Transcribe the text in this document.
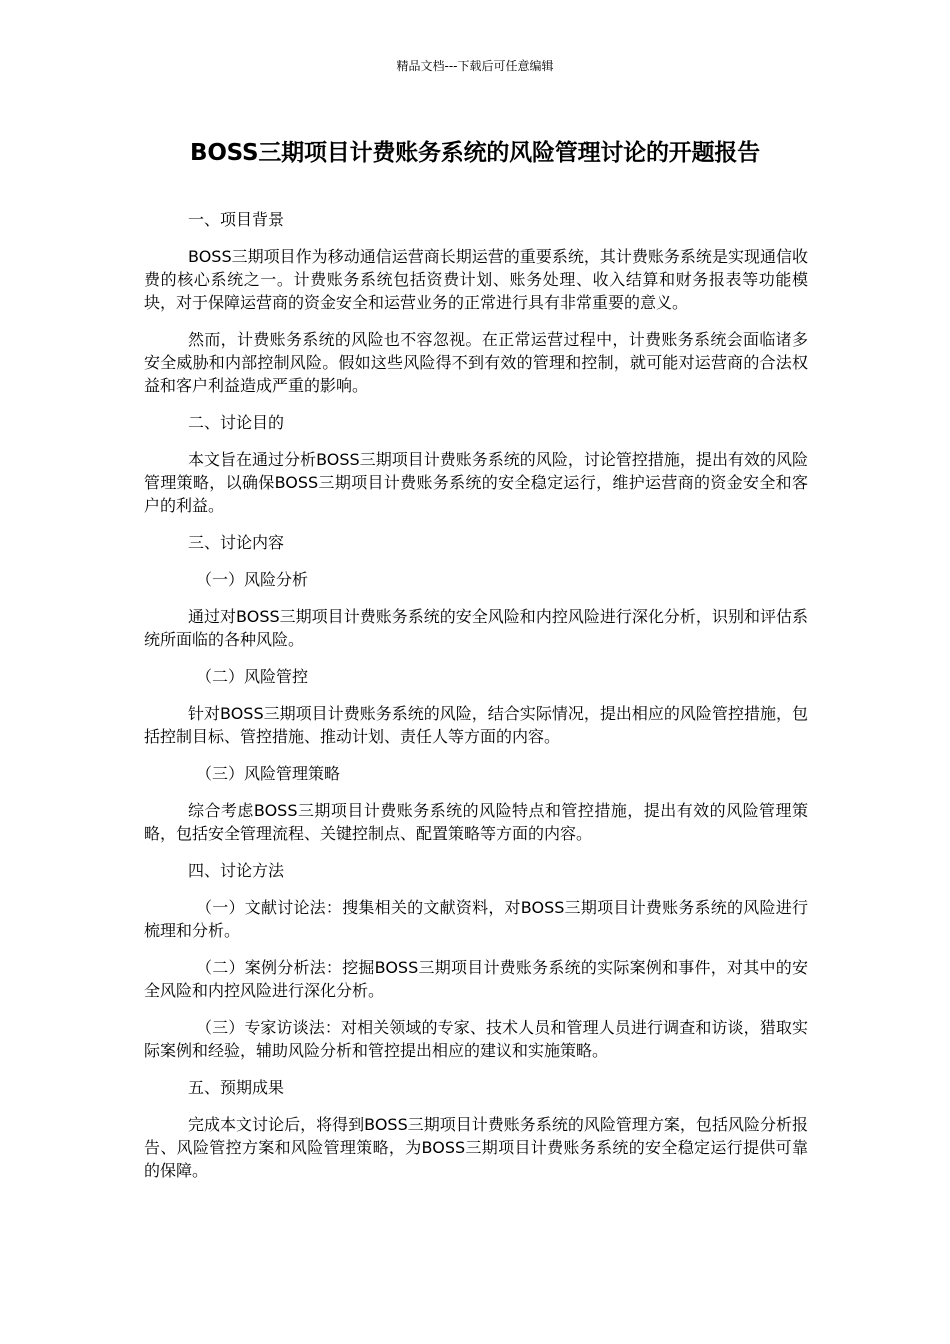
精品文档---下载后可任意编辑
BOSS三期项目计费账务系统的风险管理讨论的开题报告

一、项目背景

BOSS三期项目作为移动通信运营商长期运营的重要系统，其计费账务系统是实现通信收费的核心系统之一。计费账务系统包括资费计划、账务处理、收入结算和财务报表等功能模块，对于保障运营商的资金安全和运营业务的正常进行具有非常重要的意义。

然而，计费账务系统的风险也不容忽视。在正常运营过程中，计费账务系统会面临诸多安全威胁和内部控制风险。假如这些风险得不到有效的管理和控制，就可能对运营商的合法权益和客户利益造成严重的影响。

二、讨论目的

本文旨在通过分析BOSS三期项目计费账务系统的风险，讨论管控措施，提出有效的风险管理策略，以确保BOSS三期项目计费账务系统的安全稳定运行，维护运营商的资金安全和客户的利益。

三、讨论内容

（一）风险分析

通过对BOSS三期项目计费账务系统的安全风险和内控风险进行深化分析，识别和评估系统所面临的各种风险。

（二）风险管控

针对BOSS三期项目计费账务系统的风险，结合实际情况，提出相应的风险管控措施，包括控制目标、管控措施、推动计划、责任人等方面的内容。

（三）风险管理策略

综合考虑BOSS三期项目计费账务系统的风险特点和管控措施，提出有效的风险管理策略，包括安全管理流程、关键控制点、配置策略等方面的内容。

四、讨论方法

（一）文献讨论法：搜集相关的文献资料，对BOSS三期项目计费账务系统的风险进行梳理和分析。

（二）案例分析法：挖掘BOSS三期项目计费账务系统的实际案例和事件，对其中的安全风险和内控风险进行深化分析。

（三）专家访谈法：对相关领域的专家、技术人员和管理人员进行调查和访谈，猎取实际案例和经验，辅助风险分析和管控提出相应的建议和实施策略。

五、预期成果

完成本文讨论后，将得到BOSS三期项目计费账务系统的风险管理方案，包括风险分析报告、风险管控方案和风险管理策略，为BOSS三期项目计费账务系统的安全稳定运行提供可靠的保障。
